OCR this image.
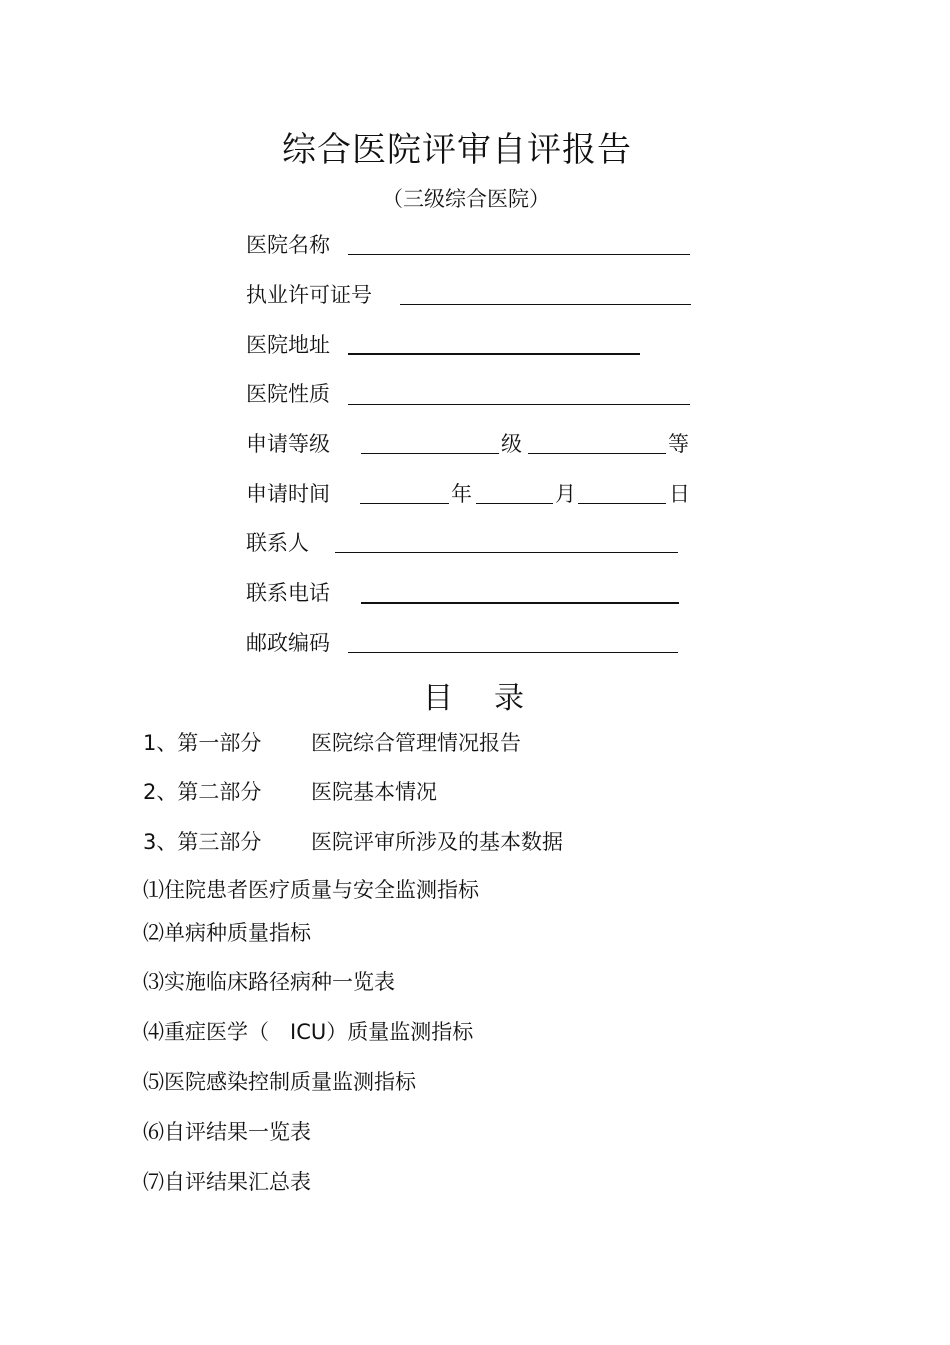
综合医院评审自评报告
（三级综合医院）
医院名称
执业许可证号
医院地址
医院性质
申请等级	级	等
申请时间	年	月	日
联系人
联系电话
邮政编码
目 录
1、第一部分 医院综合管理情况报告
2、第二部分 医院基本情况
3、第三部分 医院评审所涉及的基本数据
⑴住院患者医疗质量与安全监测指标
⑵单病种质量指标
⑶实施临床路径病种一览表
⑷重症医学（　ICU）质量监测指标
⑸医院感染控制质量监测指标
⑹自评结果一览表
⑺自评结果汇总表
